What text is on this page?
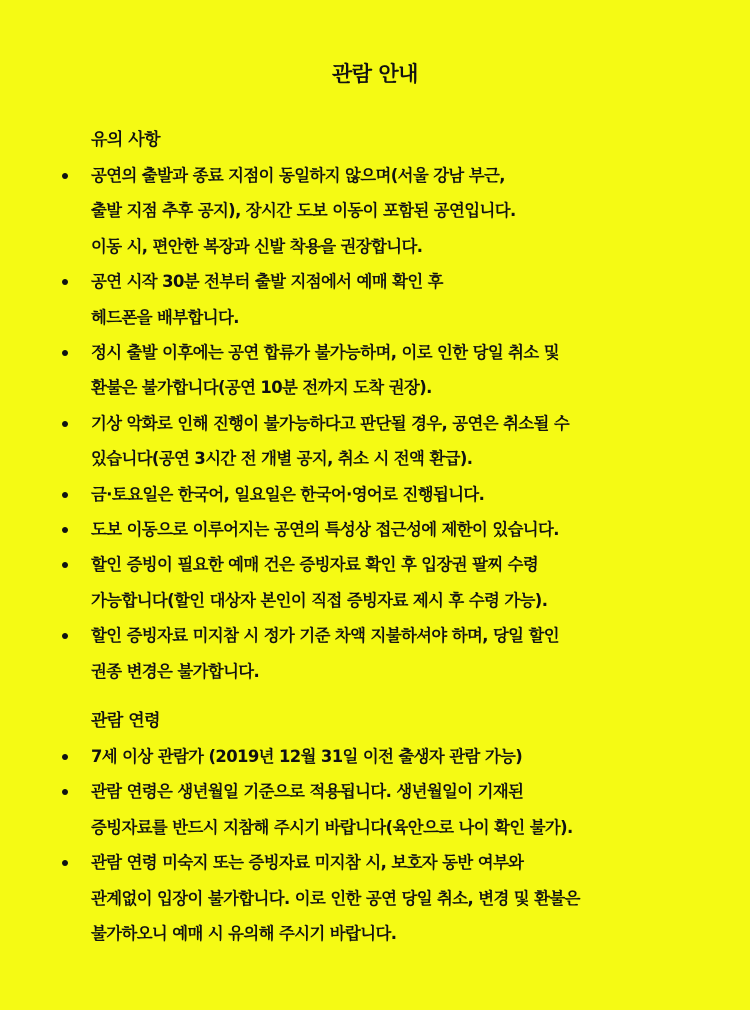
관람 안내
유의 사항
공연의 출발과 종료 지점이 동일하지 않으며(서울 강남 부근,
출발 지점 추후 공지), 장시간 도보 이동이 포함된 공연입니다.
이동 시, 편안한 복장과 신발 착용을 권장합니다.
공연 시작 30분 전부터 출발 지점에서 예매 확인 후
헤드폰을 배부합니다.
정시 출발 이후에는 공연 합류가 불가능하며, 이로 인한 당일 취소 및
환불은 불가합니다(공연 10분 전까지 도착 권장).
기상 악화로 인해 진행이 불가능하다고 판단될 경우, 공연은 취소될 수
있습니다(공연 3시간 전 개별 공지, 취소 시 전액 환급).
금·토요일은 한국어, 일요일은 한국어·영어로 진행됩니다.
도보 이동으로 이루어지는 공연의 특성상 접근성에 제한이 있습니다.
할인 증빙이 필요한 예매 건은 증빙자료 확인 후 입장권 팔찌 수령
가능합니다(할인 대상자 본인이 직접 증빙자료 제시 후 수령 가능).
할인 증빙자료 미지참 시 정가 기준 차액 지불하셔야 하며, 당일 할인
권종 변경은 불가합니다.
관람 연령
7세 이상 관람가 (2019년 12월 31일 이전 출생자 관람 가능)
관람 연령은 생년월일 기준으로 적용됩니다. 생년월일이 기재된
증빙자료를 반드시 지참해 주시기 바랍니다(육안으로 나이 확인 불가).
관람 연령 미숙지 또는 증빙자료 미지참 시, 보호자 동반 여부와
관계없이 입장이 불가합니다. 이로 인한 공연 당일 취소, 변경 및 환불은
불가하오니 예매 시 유의해 주시기 바랍니다.
